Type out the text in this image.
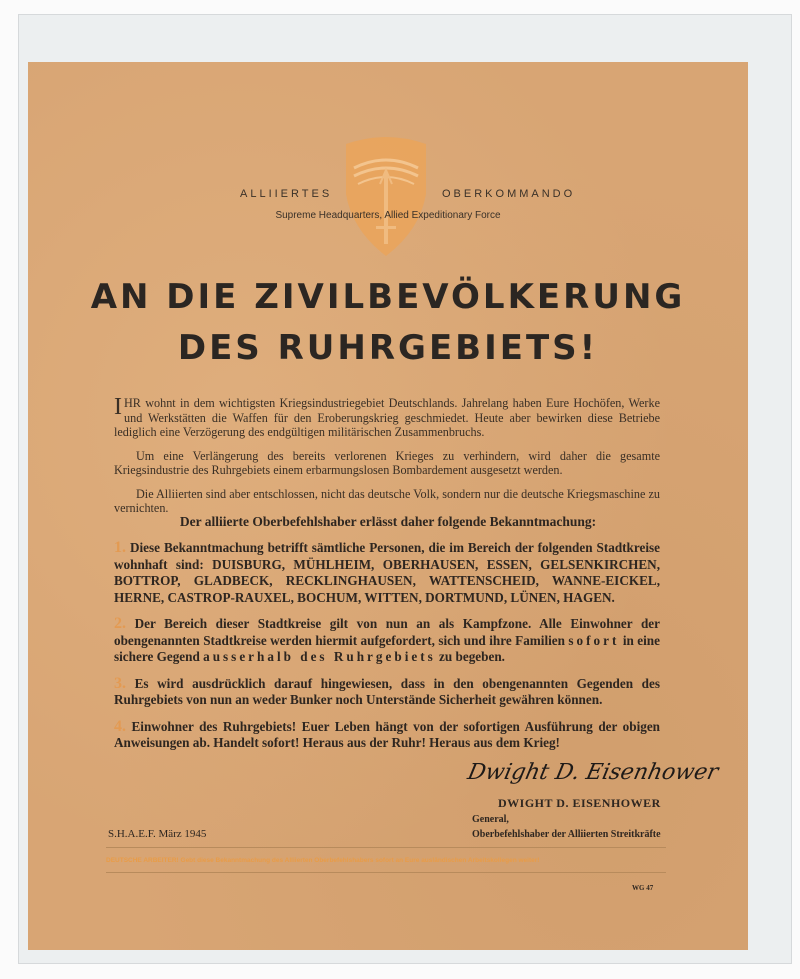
ALLIIERTES	OBERKOMMANDO
Supreme Headquarters, Allied Expeditionary Force
AN DIE ZIVILBEVÖLKERUNG
DES RUHRGEBIETS!

IHR wohnt in dem wichtigsten Kriegsindustriegebiet Deutschlands. Jahrelang haben Eure Hochöfen, Werke und Werkstätten die Waffen für den Eroberungskrieg geschmiedet. Heute aber bewirken diese Betriebe lediglich eine Verzögerung des endgültigen militärischen Zusammenbruchs.

Um eine Verlängerung des bereits verlorenen Krieges zu verhindern, wird daher die gesamte Kriegsindustrie des Ruhrgebiets einem erbarmungslosen Bombardement ausgesetzt werden.

Die Alliierten sind aber entschlossen, nicht das deutsche Volk, sondern nur die deutsche Kriegsmaschine zu vernichten.

Der alliierte Oberbefehlshaber erlässt daher folgende Bekanntmachung:

1. Diese Bekanntmachung betrifft sämtliche Personen, die im Bereich der folgenden Stadtkreise wohnhaft sind: DUISBURG, MÜHLHEIM, OBERHAUSEN, ESSEN, GELSENKIRCHEN, BOTTROP, GLADBECK, RECKLINGHAUSEN, WATTENSCHEID, WANNE-EICKEL, HERNE, CASTROP-RAUXEL, BOCHUM, WITTEN, DORTMUND, LÜNEN, HAGEN.

2. Der Bereich dieser Stadtkreise gilt von nun an als Kampfzone. Alle Einwohner der obengenannten Stadtkreise werden hiermit aufgefordert, sich und ihre Familien sofort in eine sichere Gegend ausserhalb des Ruhrgebiets zu begeben.

3. Es wird ausdrücklich darauf hingewiesen, dass in den obengenannten Gegenden des Ruhrgebiets von nun an weder Bunker noch Unterstände Sicherheit gewähren können.

4. Einwohner des Ruhrgebiets! Euer Leben hängt von der sofortigen Ausführung der obigen Anweisungen ab. Handelt sofort! Heraus aus der Ruhr! Heraus aus dem Krieg!

Dwight D. Eisenhower
DWIGHT D. EISENHOWER
General,
Oberbefehlshaber der Alliierten Streitkräfte
S.H.A.E.F. März 1945
DEUTSCHE ARBEITER! Gebt diese Bekanntmachung des Alliierten Oberbefehlshabers sofort an Eure ausländischen Arbeitskollegen weiter!
WG 47
